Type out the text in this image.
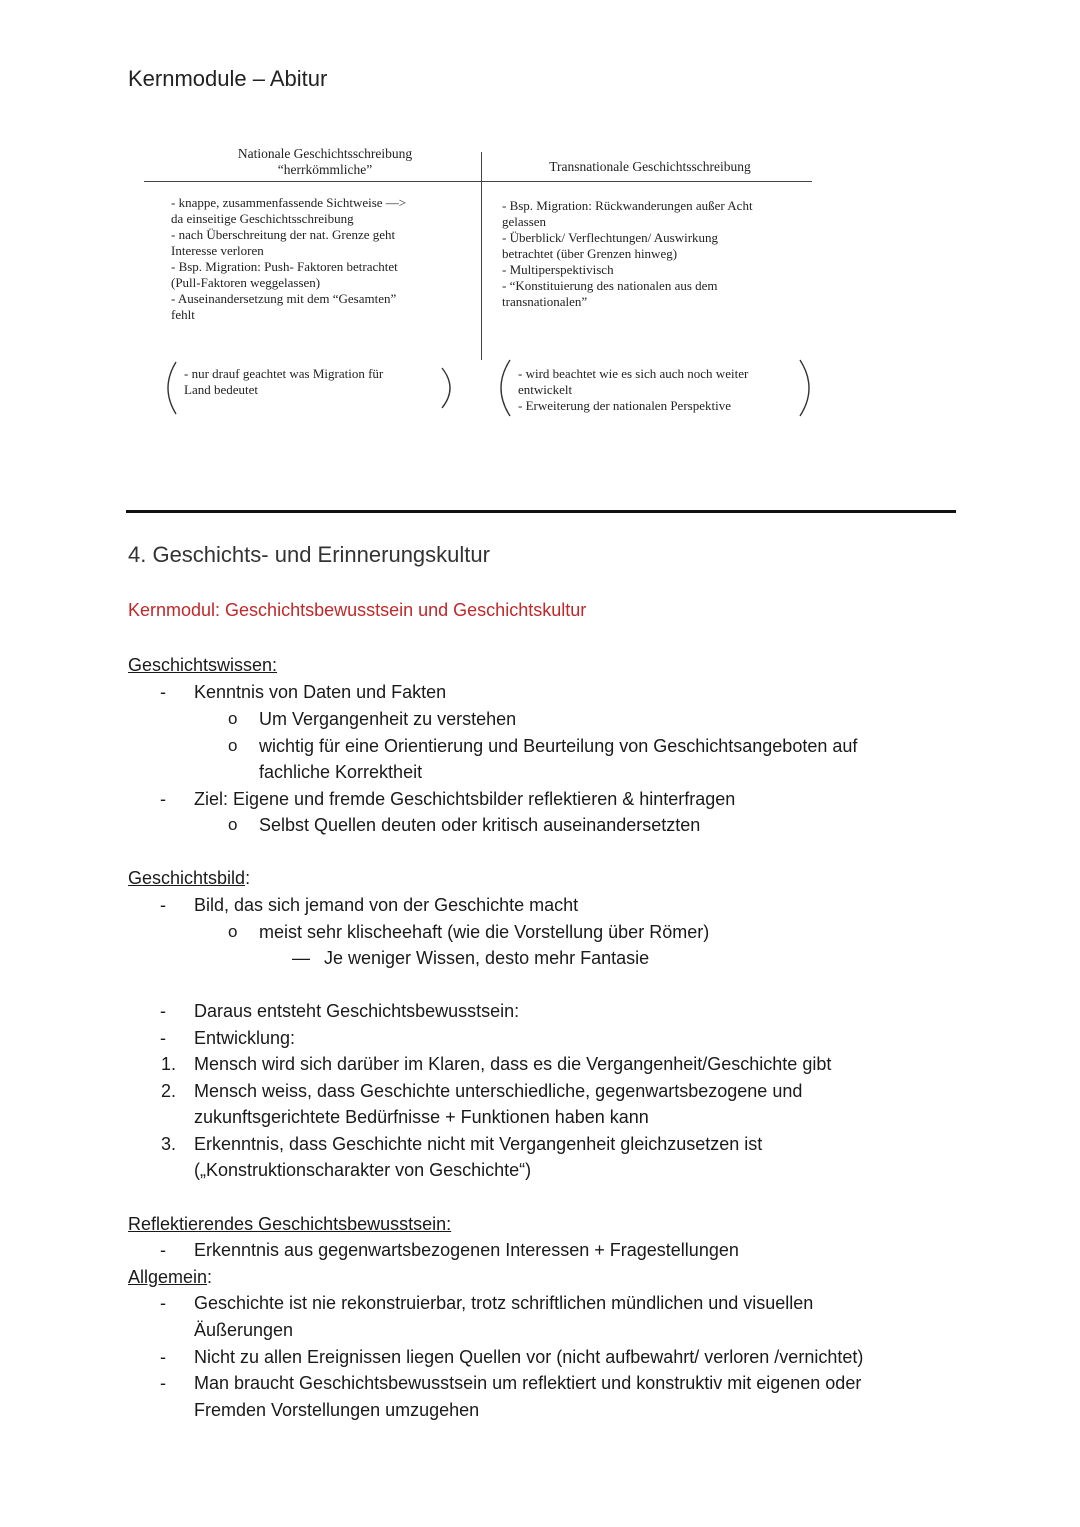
Kernmodule – Abitur
Nationale Geschichtsschreibung
“herrkömmliche”	Transnationale Geschichtsschreibung
- knappe, zusammenfassende Sichtweise —>
da einseitige Geschichtsschreibung
- nach Überschreitung der nat. Grenze geht
Interesse verloren
- Bsp. Migration: Push- Faktoren betrachtet
(Pull-Faktoren weggelassen)
- Auseinandersetzung mit dem “Gesamten”
fehlt
- Bsp. Migration: Rückwanderungen außer Acht
gelassen
- Überblick/ Verflechtungen/ Auswirkung
betrachtet (über Grenzen hinweg)
- Multiperspektivisch
- “Konstituierung des nationalen aus dem
transnationalen”
- nur drauf geachtet was Migration für
Land bedeutet
- wird beachtet wie es sich auch noch weiter
entwickelt
- Erweiterung der nationalen Perspektive
4. Geschichts- und Erinnerungskultur
Kernmodul: Geschichtsbewusstsein und Geschichtskultur
Geschichtswissen:
- Kenntnis von Daten und Fakten
o Um Vergangenheit zu verstehen
o wichtig für eine Orientierung und Beurteilung von Geschichtsangeboten auf
fachliche Korrektheit
- Ziel: Eigene und fremde Geschichtsbilder reflektieren & hinterfragen
o Selbst Quellen deuten oder kritisch auseinandersetzten
Geschichtsbild:
- Bild, das sich jemand von der Geschichte macht
o meist sehr klischeehaft (wie die Vorstellung über Römer)
— Je weniger Wissen, desto mehr Fantasie
- Daraus entsteht Geschichtsbewusstsein:
- Entwicklung:
1. Mensch wird sich darüber im Klaren, dass es die Vergangenheit/Geschichte gibt
2. Mensch weiss, dass Geschichte unterschiedliche, gegenwartsbezogene und
zukunftsgerichtete Bedürfnisse + Funktionen haben kann
3. Erkenntnis, dass Geschichte nicht mit Vergangenheit gleichzusetzen ist
(„Konstruktionscharakter von Geschichte“)
Reflektierendes Geschichtsbewusstsein:
- Erkenntnis aus gegenwartsbezogenen Interessen + Fragestellungen
Allgemein:
- Geschichte ist nie rekonstruierbar, trotz schriftlichen mündlichen und visuellen
Äußerungen
- Nicht zu allen Ereignissen liegen Quellen vor (nicht aufbewahrt/ verloren /vernichtet)
- Man braucht Geschichtsbewusstsein um reflektiert und konstruktiv mit eigenen oder
Fremden Vorstellungen umzugehen
